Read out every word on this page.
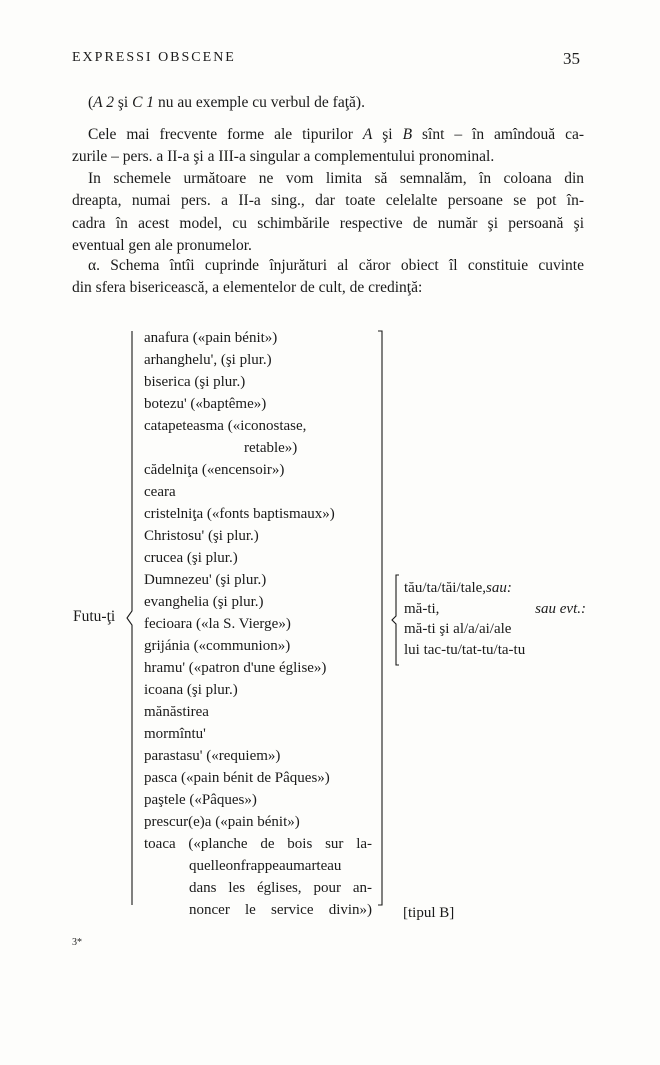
EXPRESSI OBSCENE	35
(A 2 şi C 1 nu au exemple cu verbul de faţă).
Cele mai frecvente forme ale tipurilor A şi B sînt – în amîndouă ca-
zurile – pers. a II-a şi a III-a singular a complementului pronominal.
In schemele următoare ne vom limita să semnalăm, în coloana din
dreapta, numai pers. a II-a sing., dar toate celelalte persoane se pot în-
cadra în acest model, cu schimbările respective de număr şi persoană şi
eventual gen ale pronumelor.
α. Schema întîi cuprinde înjurături al căror obiect îl constituie cuvinte
din sfera bisericească, a elementelor de cult, de credinţă:
Futu-ţi
anafura («pain bénit»)
arhanghelu', (şi plur.)
biserica (şi plur.)
botezu' («baptême»)
catapeteasma («iconostase,
retable»)
cădelniţa («encensoir»)
ceara
cristelniţa («fonts baptismaux»)
Christosu' (şi plur.)
crucea (şi plur.)
Dumnezeu' (şi plur.)
evanghelia (şi plur.)
fecioara («la S. Vierge»)
grijánia («communion»)
hramu' («patron d'une église»)
icoana (şi plur.)
mănăstirea
mormîntu'
parastasu' («requiem»)
pasca («pain bénit de Pâques»)
paştele («Pâques»)
prescur(e)a («pain bénit»)
toaca («planche de bois sur la-
quelleonfrappeaumarteau
dans les églises, pour an-
noncer le service divin»)
tău/ta/tăi/tale,sau:
mă-ti,	sau evt.:
mă-ti şi al/a/ai/ale
lui tac-tu/tat-tu/ta-tu
[tipul B]
3*
